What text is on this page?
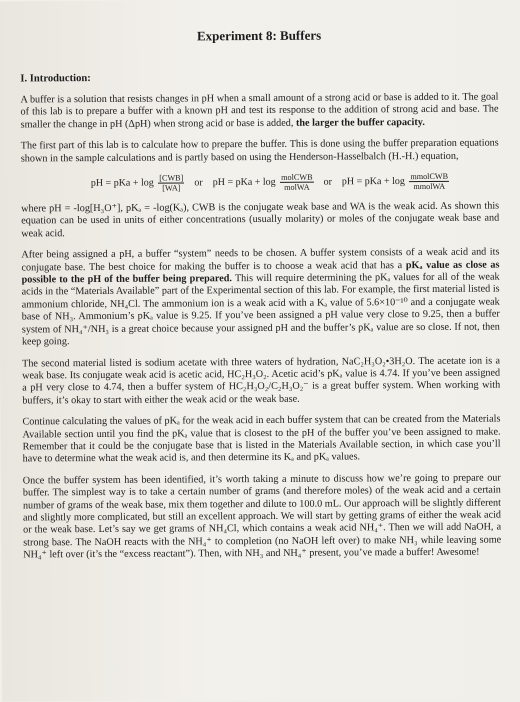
Experiment 8: Buffers
I. Introduction:

A buffer is a solution that resists changes in pH when a small amount of a strong acid or base is added to it. The goal of this lab is to prepare a buffer with a known pH and test its response to the addition of strong acid and base. The smaller the change in pH (ΔpH) when strong acid or base is added, the larger the buffer capacity.

The first part of this lab is to calculate how to prepare the buffer. This is done using the buffer preparation equations shown in the sample calculations and is partly based on using the Henderson-Hasselbalch (H.-H.) equation,

pH = pKa + $\log \frac{\text{[CWB]}}{[WA]}$ or pH = pKa + $\log \frac{\text{molCWB}}{\text{molWA}}$ or pH = pKa + $\log \frac{\text{mmolCWB}}{\text{mmolWA}}$

where pH = -log[H₃O⁺], pKₐ = -log(Kₐ), CWB is the conjugate weak base and WA is the weak acid. As shown this equation can be used in units of either concentrations (usually molarity) or moles of the conjugate weak base and weak acid.

After being assigned a pH, a buffer “system” needs to be chosen. A buffer system consists of a weak acid and its conjugate base. The best choice for making the buffer is to choose a weak acid that has a pKₐ value as close as possible to the pH of the buffer being prepared. This will require determining the pKₐ values for all of the weak acids in the “Materials Available” part of the Experimental section of this lab. For example, the first material listed is ammonium chloride, NH₄Cl. The ammonium ion is a weak acid with a Kₐ value of 5.6×10⁻¹⁰ and a conjugate weak base of NH₃. Ammonium’s pKₐ value is 9.25. If you’ve been assigned a pH value very close to 9.25, then a buffer system of NH₄⁺/NH₃ is a great choice because your assigned pH and the buffer’s pKₐ value are so close. If not, then keep going.

The second material listed is sodium acetate with three waters of hydration, NaC₂H₃O₂•3H₂O. The acetate ion is a weak base. Its conjugate weak acid is acetic acid, HC₂H₃O₂. Acetic acid’s pKₐ value is 4.74. If you’ve been assigned a pH very close to 4.74, then a buffer system of HC₂H₃O₂/C₂H₃O₂⁻ is a great buffer system. When working with buffers, it’s okay to start with either the weak acid or the weak base.

Continue calculating the values of pKₐ for the weak acid in each buffer system that can be created from the Materials Available section until you find the pKₐ value that is closest to the pH of the buffer you’ve been assigned to make. Remember that it could be the conjugate base that is listed in the Materials Available section, in which case you’ll have to determine what the weak acid is, and then determine its Kₐ and pKₐ values.

Once the buffer system has been identified, it’s worth taking a minute to discuss how we’re going to prepare our buffer. The simplest way is to take a certain number of grams (and therefore moles) of the weak acid and a certain number of grams of the weak base, mix them together and dilute to 100.0 mL. Our approach will be slightly different and slightly more complicated, but still an excellent approach. We will start by getting grams of either the weak acid or the weak base. Let’s say we get grams of NH₄Cl, which contains a weak acid NH₄⁺. Then we will add NaOH, a strong base. The NaOH reacts with the NH₄⁺ to completion (no NaOH left over) to make NH₃ while leaving some NH₄⁺ left over (it’s the “excess reactant”). Then, with NH₃ and NH₄⁺ present, you’ve made a buffer! Awesome!
